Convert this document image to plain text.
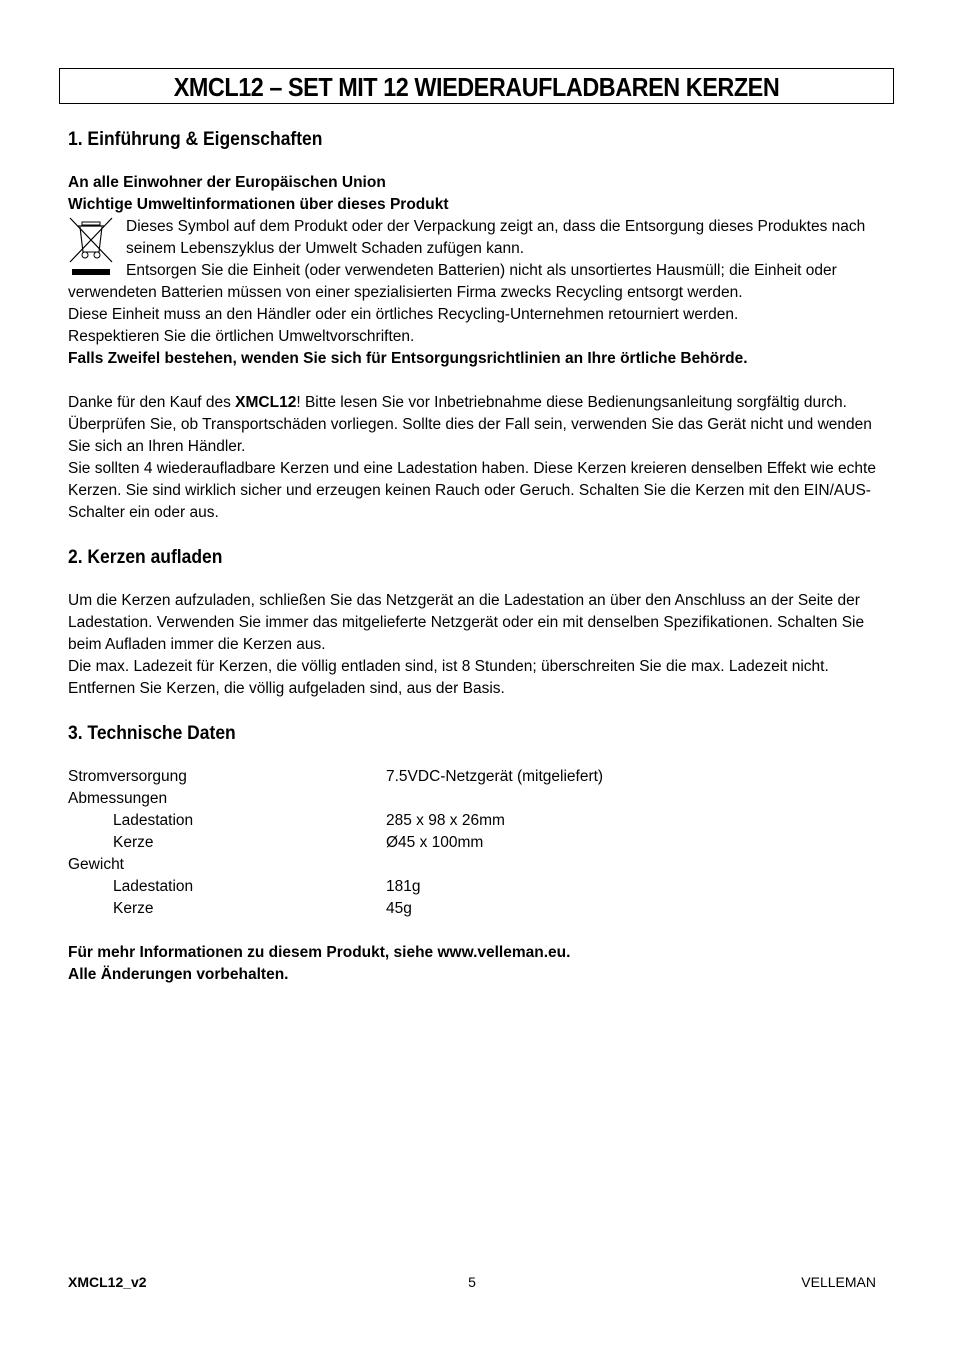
XMCL12 – SET MIT 12 WIEDERAUFLADBAREN KERZEN
1. Einführung & Eigenschaften

An alle Einwohner der Europäischen Union

Wichtige Umweltinformationen über dieses Produkt

Dieses Symbol auf dem Produkt oder der Verpackung zeigt an, dass die Entsorgung dieses Produktes nach seinem Lebenszyklus der Umwelt Schaden zufügen kann.

Entsorgen Sie die Einheit (oder verwendeten Batterien) nicht als unsortiertes Hausmüll; die Einheit oder verwendeten Batterien müssen von einer spezialisierten Firma zwecks Recycling entsorgt werden.

Diese Einheit muss an den Händler oder ein örtliches Recycling-Unternehmen retourniert werden.

Respektieren Sie die örtlichen Umweltvorschriften.

Falls Zweifel bestehen, wenden Sie sich für Entsorgungsrichtlinien an Ihre örtliche Behörde.

Danke für den Kauf des XMCL12! Bitte lesen Sie vor Inbetriebnahme diese Bedienungsanleitung sorgfältig durch. Überprüfen Sie, ob Transportschäden vorliegen. Sollte dies der Fall sein, verwenden Sie das Gerät nicht und wenden Sie sich an Ihren Händler.

Sie sollten 4 wiederaufladbare Kerzen und eine Ladestation haben. Diese Kerzen kreieren denselben Effekt wie echte Kerzen. Sie sind wirklich sicher und erzeugen keinen Rauch oder Geruch. Schalten Sie die Kerzen mit den EIN/AUS-Schalter ein oder aus.

2. Kerzen aufladen

Um die Kerzen aufzuladen, schließen Sie das Netzgerät an die Ladestation an über den Anschluss an der Seite der Ladestation. Verwenden Sie immer das mitgelieferte Netzgerät oder ein mit denselben Spezifikationen. Schalten Sie beim Aufladen immer die Kerzen aus.

Die max. Ladezeit für Kerzen, die völlig entladen sind, ist 8 Stunden; überschreiten Sie die max. Ladezeit nicht. Entfernen Sie Kerzen, die völlig aufgeladen sind, aus der Basis.

3. Technische Daten
Stromversorgung	7.5VDC-Netzgerät (mitgeliefert)
Abmessungen	
Ladestation	285 x 98 x 26mm
Kerze	Ø45 x 100mm
Gewicht	
Ladestation	181g
Kerze	45g

Für mehr Informationen zu diesem Produkt, siehe www.velleman.eu.

Alle Änderungen vorbehalten.

XMCL12_v2	5	VELLEMAN
